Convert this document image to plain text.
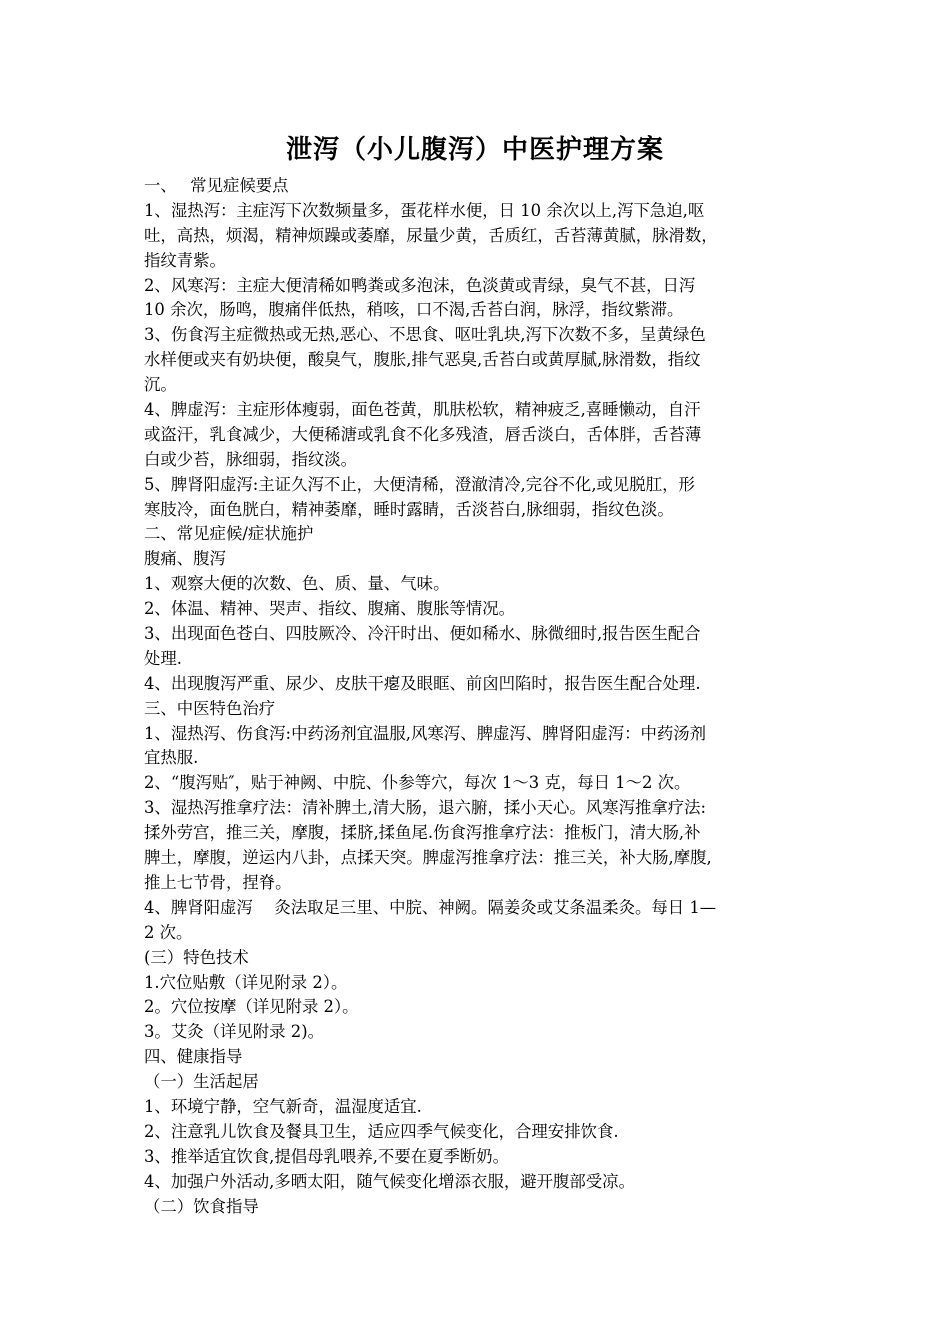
泄泻（小儿腹泻）中医护理方案

一、　 常见症候要点

1、湿热泻：主症泻下次数频量多，蛋花样水便，日 10 余次以上,泻下急迫,呕

吐，高热，烦渴，精神烦躁或萎靡，尿量少黄，舌质红，舌苔薄黄腻，脉滑数，

指纹青紫。

2、风寒泻：主症大便清稀如鸭粪或多泡沫，色淡黄或青绿，臭气不甚，日泻

10 余次，肠鸣，腹痛伴低热，稍咳，口不渴,舌苔白润，脉浮，指纹紫滞。

3、伤食泻主症微热或无热,恶心、不思食、呕吐乳块,泻下次数不多，呈黄绿色

水样便或夹有奶块便，酸臭气，腹胀,排气恶臭,舌苔白或黄厚腻,脉滑数，指纹

沉。

4、脾虚泻：主症形体瘦弱，面色苍黄，肌肤松软，精神疲乏,喜睡懒动，自汗

或盗汗，乳食减少，大便稀溏或乳食不化多残渣，唇舌淡白，舌体胖，舌苔薄

白或少苔，脉细弱，指纹淡。

5、脾肾阳虚泻:主证久泻不止，大便清稀，澄澈清冷,完谷不化,或见脱肛，形

寒肢冷，面色胱白，精神萎靡，睡时露睛，舌淡苔白,脉细弱，指纹色淡。

二、常见症候/症状施护

腹痛、腹泻

1、观察大便的次数、色、质、量、气味。

2、体温、精神、哭声、指纹、腹痛、腹胀等情况。

3、出现面色苍白、四肢厥冷、冷汗时出、便如稀水、脉微细时,报告医生配合

处理.

4、出现腹泻严重、尿少、皮肤干瘪及眼眶、前囟凹陷时，报告医生配合处理.

三、中医特色治疗

1、湿热泻、伤食泻:中药汤剂宜温服,风寒泻、脾虚泻、脾肾阳虚泻：中药汤剂

宜热服.

2、“腹泻贴″，贴于神阙、中脘、仆参等穴，每次 1～3 克，每日 1～2 次。

3、湿热泻推拿疗法：清补脾土,清大肠，退六腑，揉小天心。风寒泻推拿疗法:

揉外劳宫，推三关，摩腹，揉脐,揉鱼尾.伤食泻推拿疗法：推板门，清大肠,补

脾土，摩腹，逆运内八卦，点揉天突。脾虚泻推拿疗法：推三关，补大肠,摩腹,

推上七节骨，捏脊。

4、脾肾阳虚泻　 灸法取足三里、中脘、神阙。隔姜灸或艾条温柔灸。每日 1—

2 次。

(三）特色技术

1.穴位贴敷（详见附录 2）。

2。穴位按摩（详见附录 2）。

3。艾灸（详见附录 2)。

四、健康指导

（一）生活起居

1、环境宁静，空气新奇，温湿度适宜.

2、注意乳儿饮食及餐具卫生，适应四季气候变化，合理安排饮食.

3、推举适宜饮食,提倡母乳喂养,不要在夏季断奶。

4、加强户外活动,多晒太阳，随气候变化增添衣服，避开腹部受凉。

（二）饮食指导
